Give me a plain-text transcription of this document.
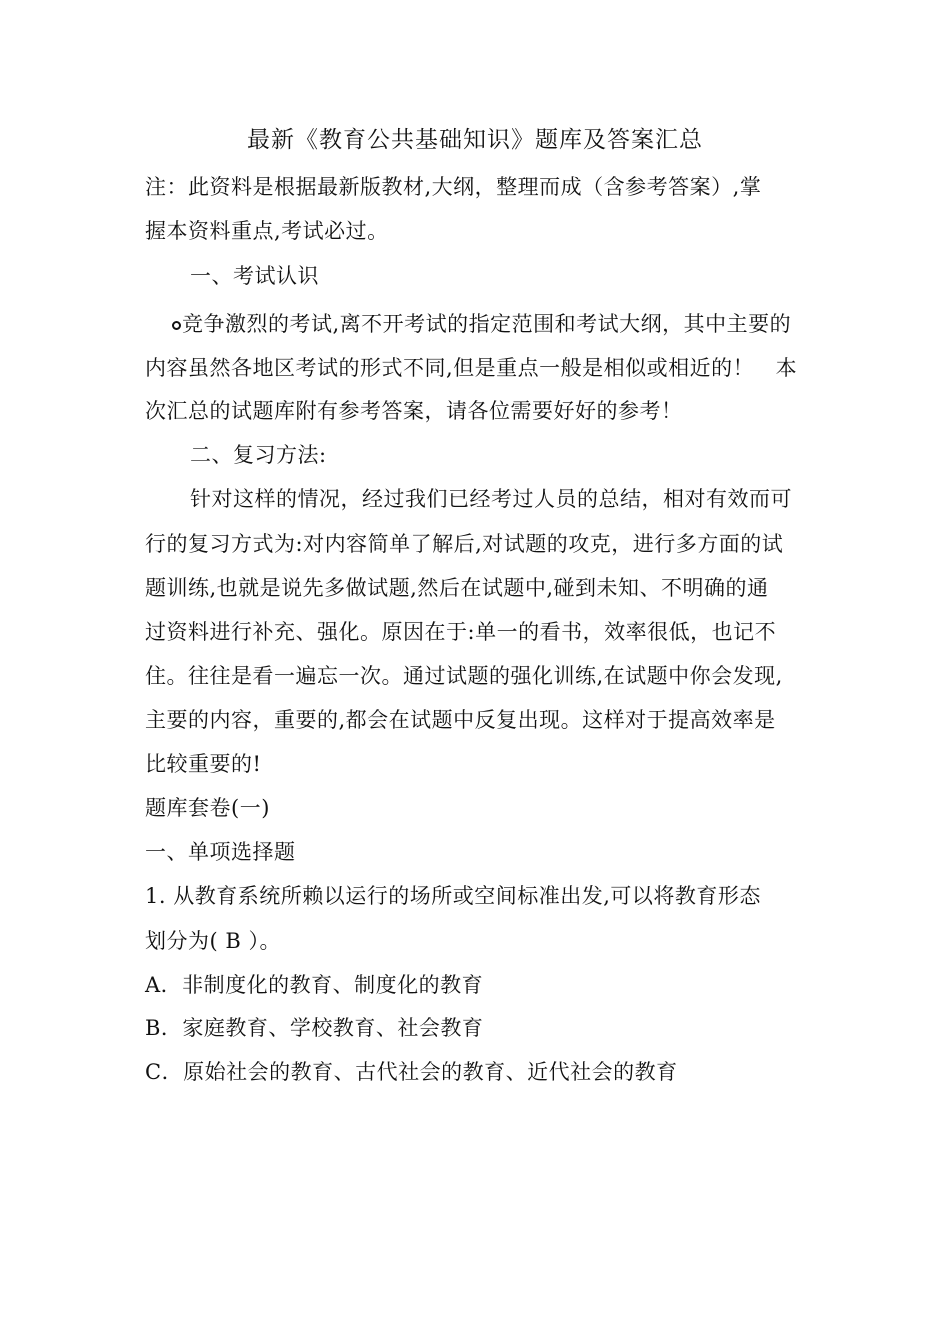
最新《教育公共基础知识》题库及答案汇总
注：此资料是根据最新版教材,大纲，整理而成（含参考答案）,掌
握本资料重点,考试必过。
一、考试认识
竞争激烈的考试,离不开考试的指定范围和考试大纲，其中主要的
内容虽然各地区考试的形式不同,但是重点一般是相似或相近的！　本
次汇总的试题库附有参考答案，请各位需要好好的参考！
二、复习方法:
针对这样的情况，经过我们已经考过人员的总结，相对有效而可
行的复习方式为:对内容简单了解后,对试题的攻克，进行多方面的试
题训练,也就是说先多做试题,然后在试题中,碰到未知、不明确的通
过资料进行补充、强化。原因在于:单一的看书，效率很低，也记不
住。往往是看一遍忘一次。通过试题的强化训练,在试题中你会发现,
主要的内容，重要的,都会在试题中反复出现。这样对于提高效率是
比较重要的!
题库套卷(一)
一、单项选择题
1. 从教育系统所赖以运行的场所或空间标准出发,可以将教育形态
划分为( B ）。
A．非制度化的教育、制度化的教育
B．家庭教育、学校教育、社会教育
C．原始社会的教育、古代社会的教育、近代社会的教育
